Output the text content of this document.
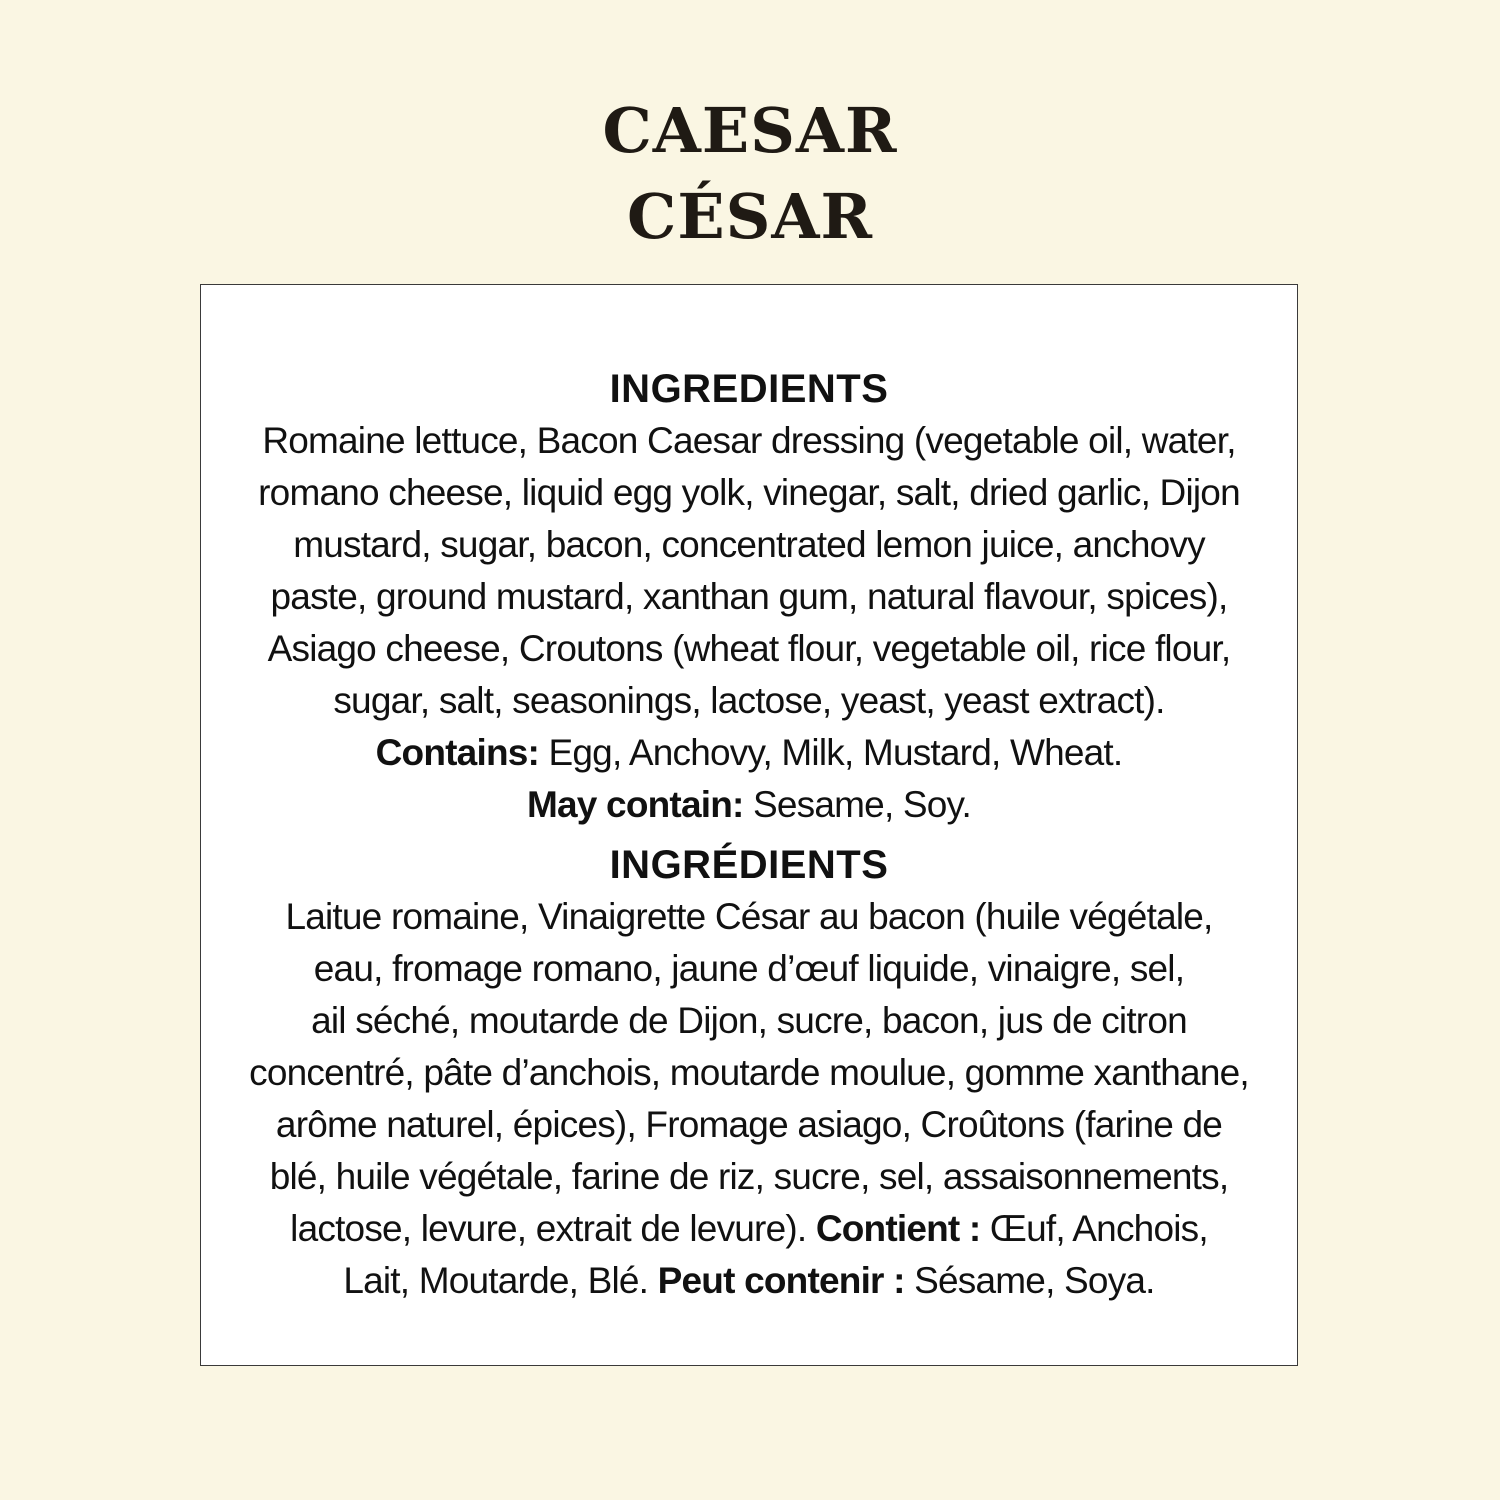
CAESAR
CÉSAR
INGREDIENTS
Romaine lettuce, Bacon Caesar dressing (vegetable oil, water,
romano cheese, liquid egg yolk, vinegar, salt, dried garlic, Dijon
mustard, sugar, bacon, concentrated lemon juice, anchovy
paste, ground mustard, xanthan gum, natural flavour, spices),
Asiago cheese, Croutons (wheat flour, vegetable oil, rice flour,
sugar, salt, seasonings, lactose, yeast, yeast extract).
Contains: Egg, Anchovy, Milk, Mustard, Wheat.
May contain: Sesame, Soy.
INGRÉDIENTS
Laitue romaine, Vinaigrette César au bacon (huile végétale,
eau, fromage romano, jaune d’œuf liquide, vinaigre, sel,
ail séché, moutarde de Dijon, sucre, bacon, jus de citron
concentré, pâte d’anchois, moutarde moulue, gomme xanthane,
arôme naturel, épices), Fromage asiago, Croûtons (farine de
blé, huile végétale, farine de riz, sucre, sel, assaisonnements,
lactose, levure, extrait de levure). Contient : Œuf, Anchois,
Lait, Moutarde, Blé. Peut contenir : Sésame, Soya.
